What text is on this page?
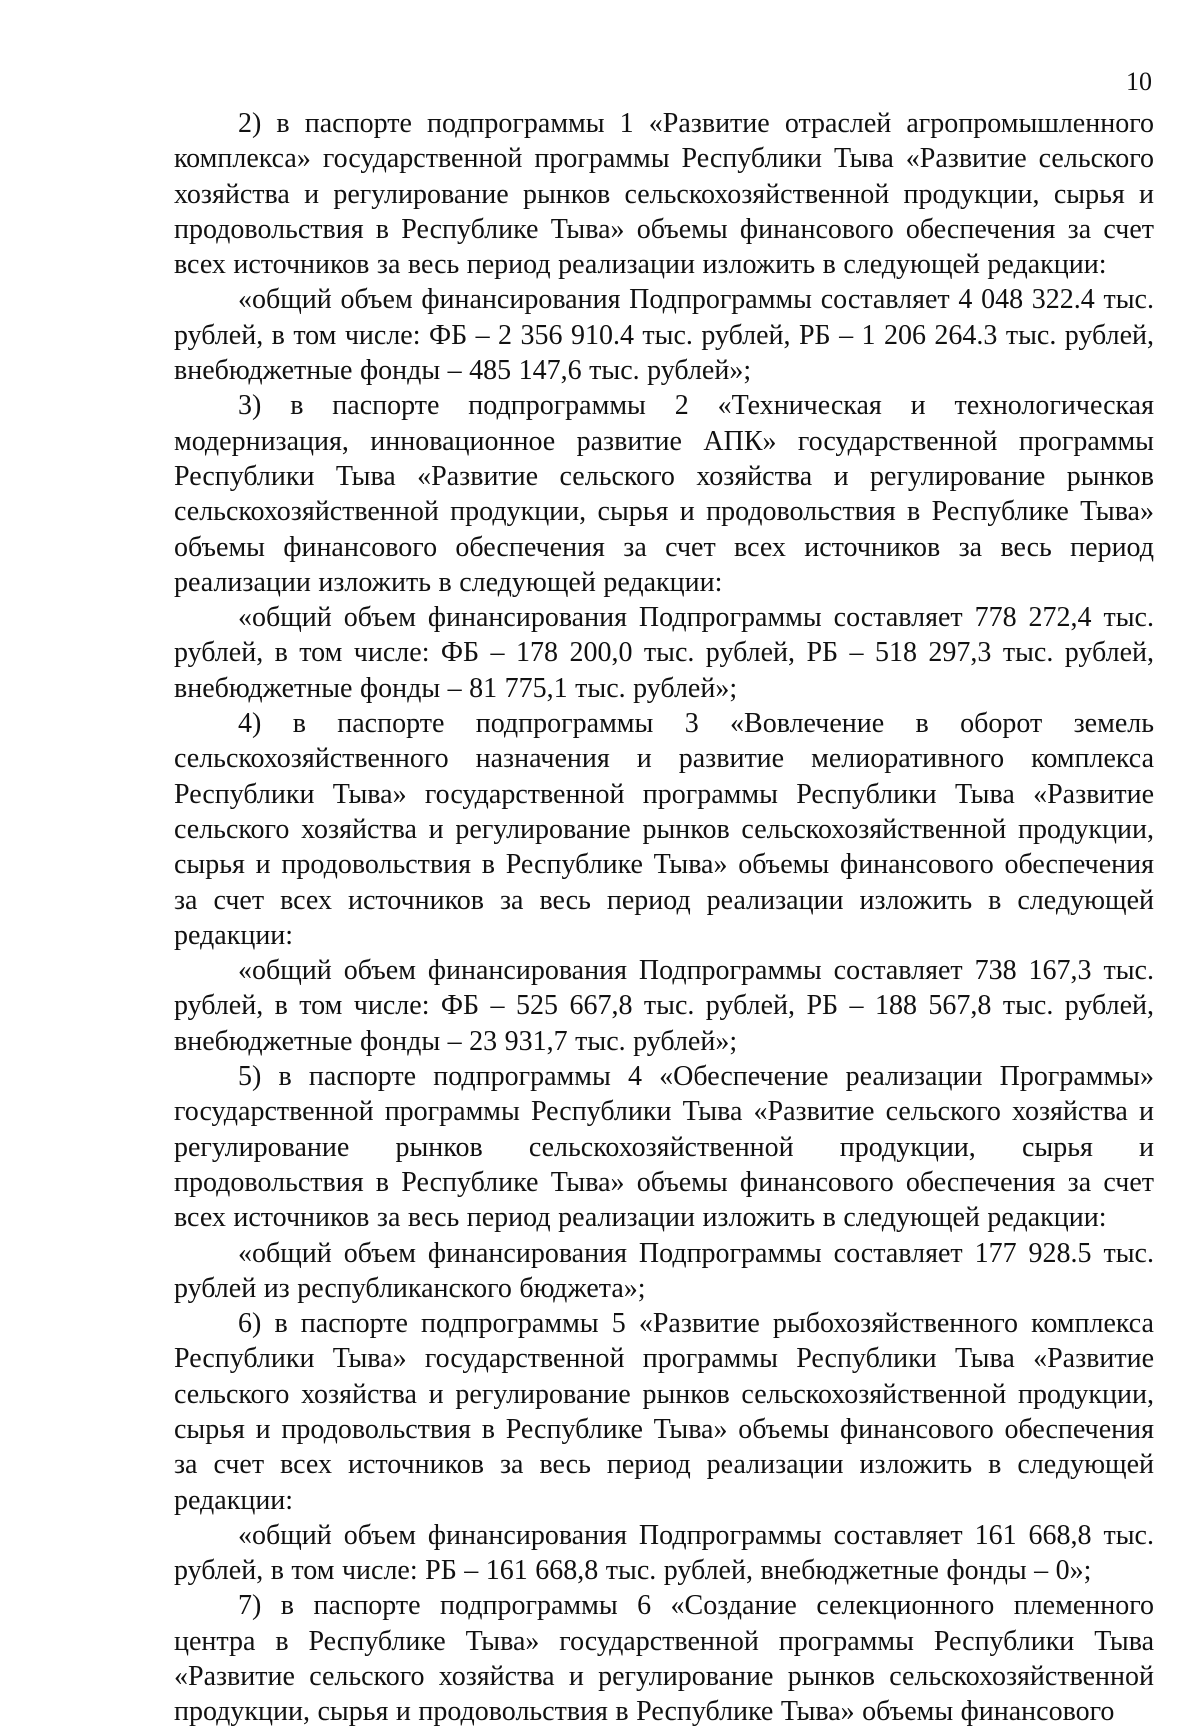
10

2) в паспорте подпрограммы 1 «Развитие отраслей агропромышленного комплекса» государственной программы Республики Тыва «Развитие сельского хозяйства и регулирование рынков сельскохозяйственной продукции, сырья и продовольствия в Республике Тыва» объемы финансового обеспечения за счет всех источников за весь период реализации изложить в следующей редакции:

«общий объем финансирования Подпрограммы составляет 4 048 322.4 тыс. рублей, в том числе: ФБ – 2 356 910.4 тыс. рублей, РБ – 1 206 264.3 тыс. рублей, внебюджетные фонды – 485 147,6 тыс. рублей»;

3) в паспорте подпрограммы 2 «Техническая и технологическая модернизация, инновационное развитие АПК» государственной программы Республики Тыва «Развитие сельского хозяйства и регулирование рынков сельскохозяйственной продукции, сырья и продовольствия в Республике Тыва» объемы финансового обеспечения за счет всех источников за весь период реализации изложить в следующей редакции:

«общий объем финансирования Подпрограммы составляет 778 272,4 тыс. рублей, в том числе: ФБ – 178 200,0 тыс. рублей, РБ – 518 297,3 тыс. рублей, внебюджетные фонды – 81 775,1 тыс. рублей»;

4) в паспорте подпрограммы 3 «Вовлечение в оборот земель сельскохозяйственного назначения и развитие мелиоративного комплекса Республики Тыва» государственной программы Республики Тыва «Развитие сельского хозяйства и регулирование рынков сельскохозяйственной продукции, сырья и продовольствия в Республике Тыва» объемы финансового обеспечения за счет всех источников за весь период реализации изложить в следующей редакции:

«общий объем финансирования Подпрограммы составляет 738 167,3 тыс. рублей, в том числе: ФБ – 525 667,8 тыс. рублей, РБ – 188 567,8 тыс. рублей, внебюджетные фонды – 23 931,7 тыс. рублей»;

5) в паспорте подпрограммы 4 «Обеспечение реализации Программы» государственной программы Республики Тыва «Развитие сельского хозяйства и регулирование рынков сельскохозяйственной продукции, сырья и продовольствия в Республике Тыва» объемы финансового обеспечения за счет всех источников за весь период реализации изложить в следующей редакции:

«общий объем финансирования Подпрограммы составляет 177 928.5 тыс. рублей из республиканского бюджета»;

6) в паспорте подпрограммы 5 «Развитие рыбохозяйственного комплекса Республики Тыва» государственной программы Республики Тыва «Развитие сельского хозяйства и регулирование рынков сельскохозяйственной продукции, сырья и продовольствия в Республике Тыва» объемы финансового обеспечения за счет всех источников за весь период реализации изложить в следующей редакции:

«общий объем финансирования Подпрограммы составляет 161 668,8 тыс. рублей, в том числе: РБ – 161 668,8 тыс. рублей, внебюджетные фонды – 0»;

7) в паспорте подпрограммы 6 «Создание селекционного племенного центра в Республике Тыва» государственной программы Республики Тыва «Развитие сельского хозяйства и регулирование рынков сельскохозяйственной продукции, сырья и продовольствия в Республике Тыва» объемы финансового
